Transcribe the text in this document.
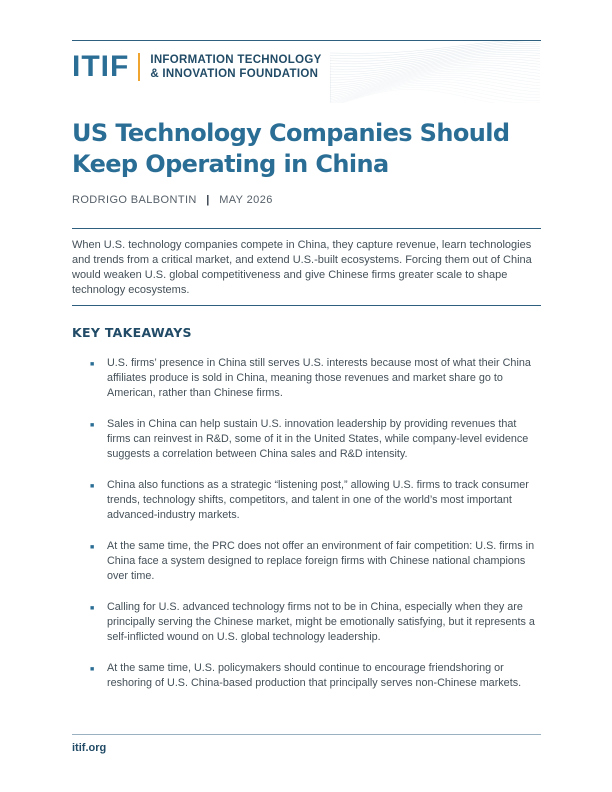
ITIF INFORMATION TECHNOLOGY
& INNOVATION FOUNDATION
US Technology Companies Should Keep Operating in China
RODRIGO BALBONTIN | MAY 2026

When U.S. technology companies compete in China, they capture revenue, learn technologies and trends from a critical market, and extend U.S.-built ecosystems. Forcing them out of China would weaken U.S. global competitiveness and give Chinese firms greater scale to shape technology ecosystems.

KEY TAKEAWAYS
■	U.S. firms’ presence in China still serves U.S. interests because most of what their China affiliates produce is sold in China, meaning those revenues and market share go to American, rather than Chinese firms.
■	Sales in China can help sustain U.S. innovation leadership by providing revenues that firms can reinvest in R&D, some of it in the United States, while company-level evidence suggests a correlation between China sales and R&D intensity.
■	China also functions as a strategic “listening post,” allowing U.S. firms to track consumer trends, technology shifts, competitors, and talent in one of the world’s most important advanced-industry markets.
■	At the same time, the PRC does not offer an environment of fair competition: U.S. firms in China face a system designed to replace foreign firms with Chinese national champions over time.
■	Calling for U.S. advanced technology firms not to be in China, especially when they are principally serving the Chinese market, might be emotionally satisfying, but it represents a self-inflicted wound on U.S. global technology leadership.
■	At the same time, U.S. policymakers should continue to encourage friendshoring or reshoring of U.S. China-based production that principally serves non-Chinese markets.
itif.org
